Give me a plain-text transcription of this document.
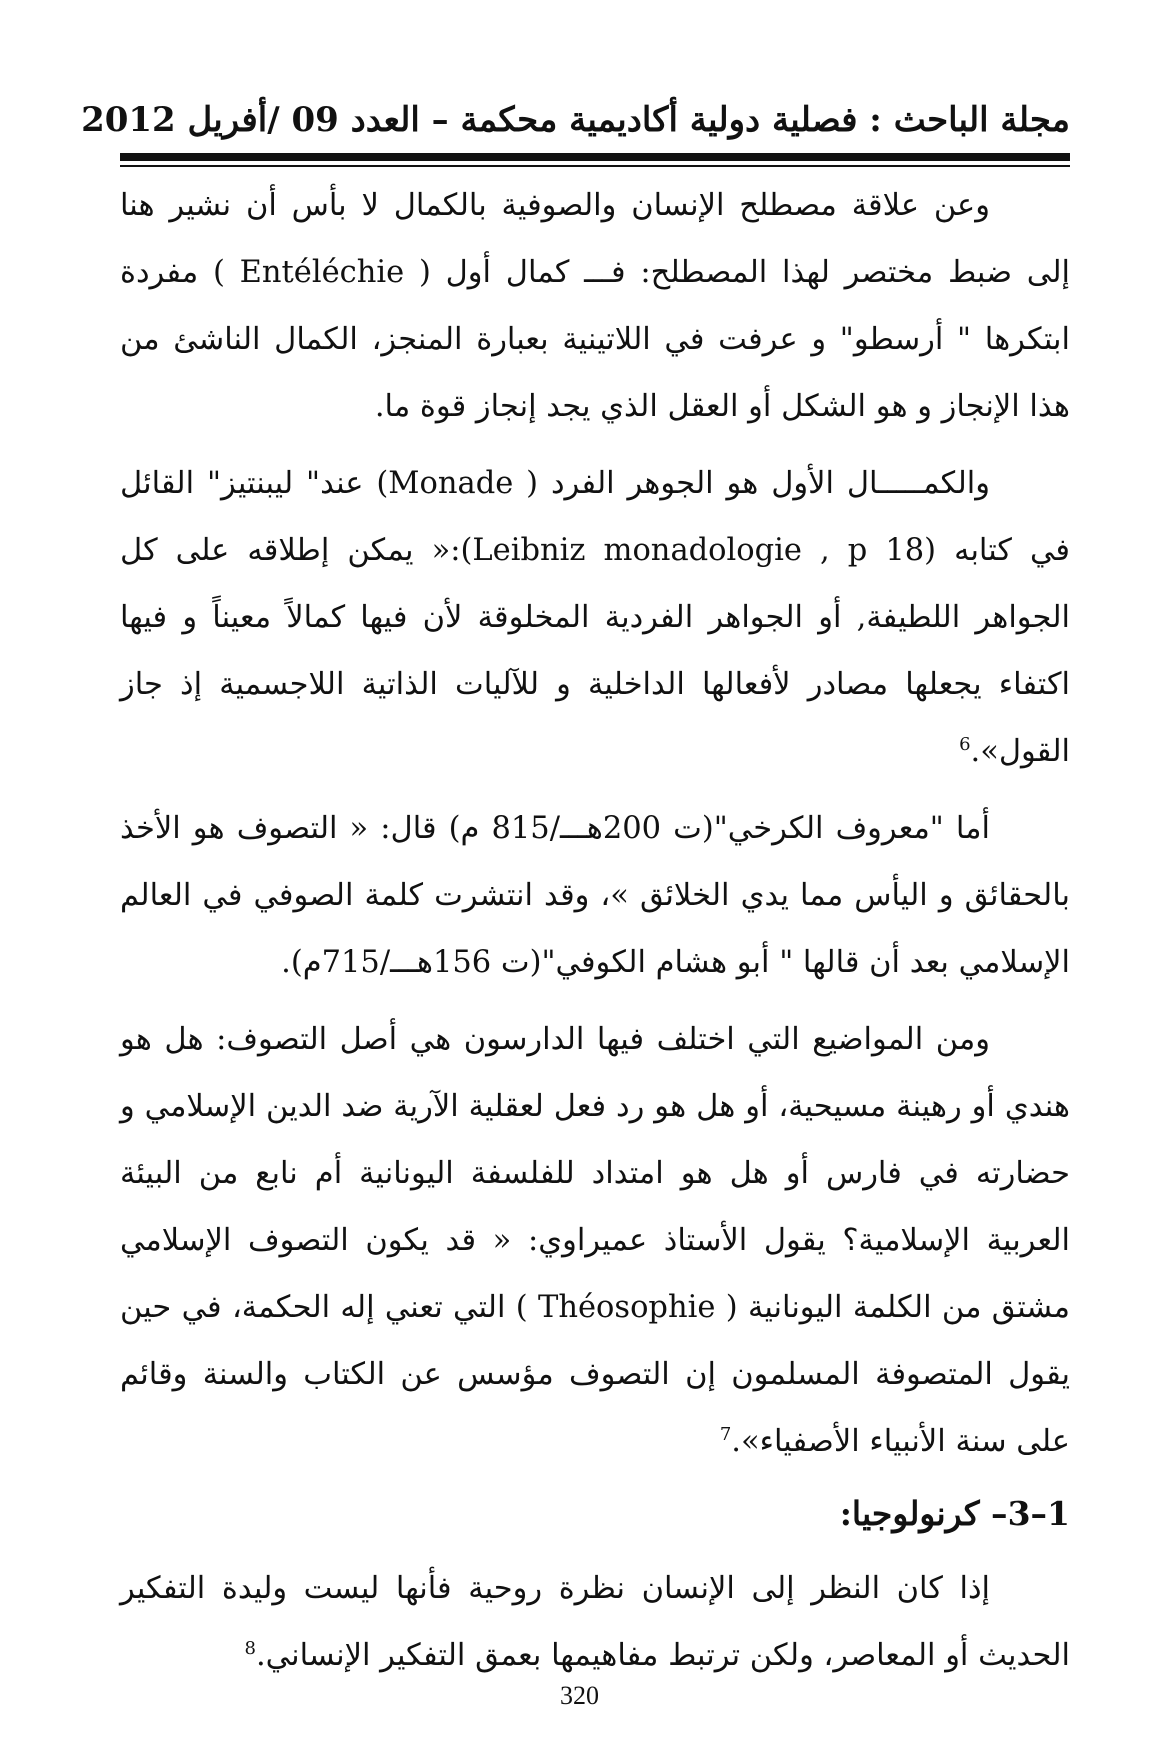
مجلة الباحث : فصلية دولية أكاديمية محكمة – العدد 09 /أفريل 2012

وعن علاقة مصطلح الإنسان والصوفية بالكمال لا بأس أن نشير هنا إلى ضبط مختصر لهذا المصطلح: فـــ كمال أول ( Entéléchie ) مفردة ابتكرها " أرسطو" و عرفت في اللاتينية بعبارة المنجز، الكمال الناشئ من هذا الإنجاز و هو الشكل أو العقل الذي يجد إنجاز قوة ما.

والكمـــــال الأول هو الجوهر الفرد ( Monade) عند" ليبنتيز" القائل في كتابه (Leibniz monadologie , p 18):« يمكن إطلاقه على كل الجواهر اللطيفة, أو الجواهر الفردية المخلوقة لأن فيها كمالاً معيناً و فيها اكتفاء يجعلها مصادر لأفعالها الداخلية و للآليات الذاتية اللاجسمية إذ جاز القول».$^6$

أما "معروف الكرخي"(ت 200هـــ/815 م) قال: « التصوف هو الأخذ بالحقائق و اليأس مما يدي الخلائق »، وقد انتشرت كلمة الصوفي في العالم الإسلامي بعد أن قالها " أبو هشام الكوفي"(ت 156هـــ/715م).

ومن المواضيع التي اختلف فيها الدارسون هي أصل التصوف: هل هو هندي أو رهينة مسيحية، أو هل هو رد فعل لعقلية الآرية ضد الدين الإسلامي و حضارته في فارس أو هل هو امتداد للفلسفة اليونانية أم نابع من البيئة العربية الإسلامية؟ يقول الأستاذ عميراوي: « قد يكون التصوف الإسلامي مشتق من الكلمة اليونانية ( Théosophie ) التي تعني إله الحكمة، في حين يقول المتصوفة المسلمون إن التصوف مؤسس عن الكتاب والسنة وقائم على سنة الأنبياء الأصفياء».$^7$

1–3– كرنولوجيا:

إذا كان النظر إلى الإنسان نظرة روحية فأنها ليست وليدة التفكير الحديث أو المعاصر، ولكن ترتبط مفاهيمها بعمق التفكير الإنساني.$^8$

320
